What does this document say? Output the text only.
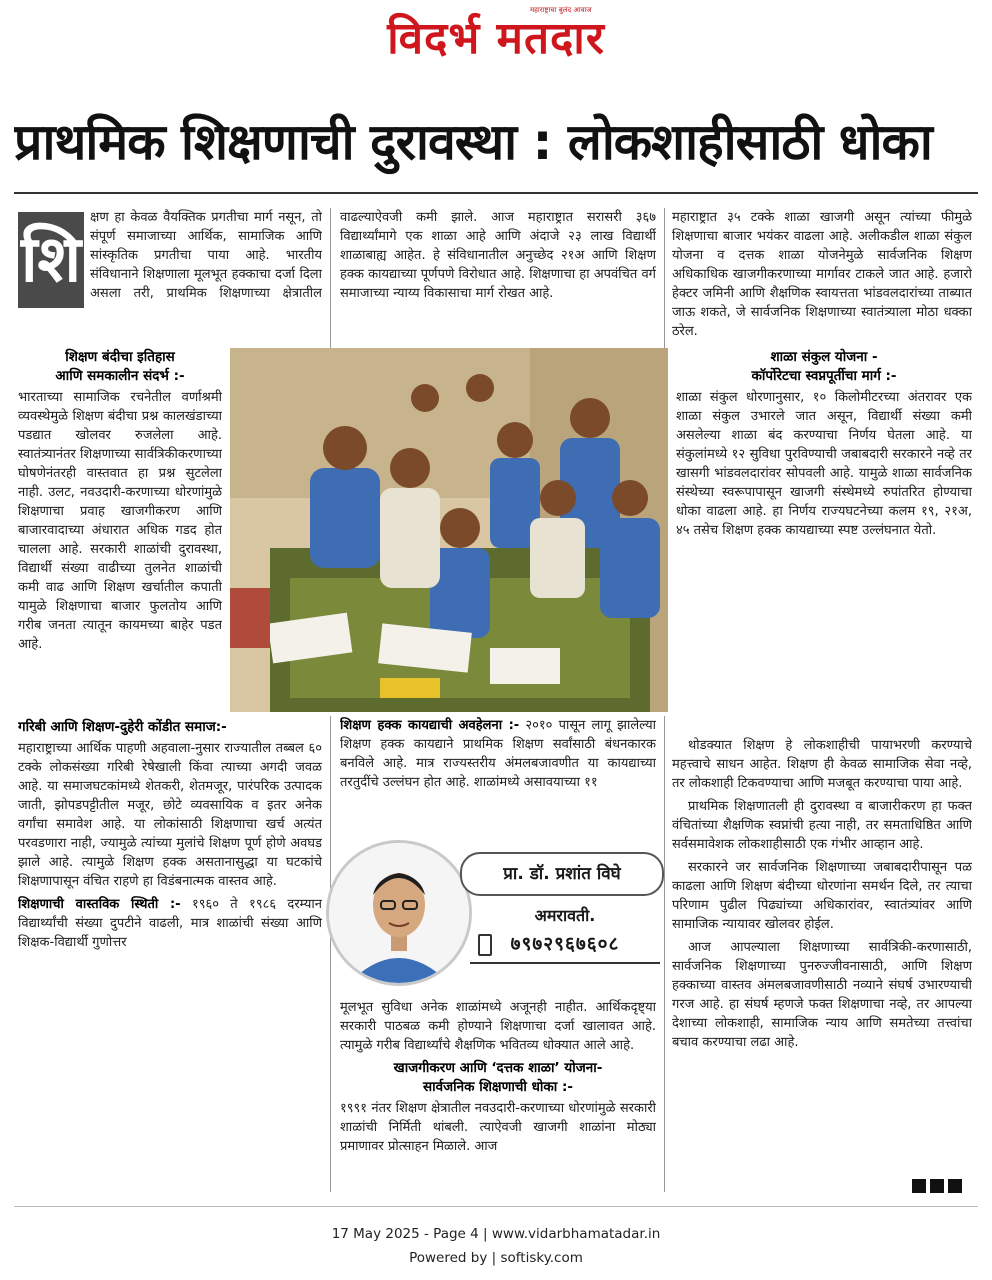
महाराष्ट्राचा बुलंद आवाज
विदर्भ मतदार
प्राथमिक शिक्षणाची दुरावस्था : लोकशाहीसाठी धोका
शि

क्षण हा केवळ वैयक्तिक प्रगतीचा मार्ग नसून, तो संपूर्ण समाजाच्या आर्थिक, सामाजिक आणि सांस्कृतिक प्रगतीचा पाया आहे. भारतीय संविधानाने शिक्षणाला मूलभूत हक्काचा दर्जा दिला असला तरी, प्राथमिक शिक्षणाच्या क्षेत्रातील

शिक्षण बंदीचा इतिहास
आणि समकालीन संदर्भ :-

भारताच्या सामाजिक रचनेतील वर्णाश्रमी व्यवस्थेमुळे शिक्षण बंदीचा प्रश्न कालखंडाच्या पडद्यात खोलवर रुजलेला आहे. स्वातंत्र्यानंतर शिक्षणाच्या सार्वत्रिकीकरणाच्या घोषणेनंतरही वास्तवात हा प्रश्न सुटलेला नाही. उलट, नवउदारी-करणाच्या धोरणांमुळे शिक्षणाचा प्रवाह खाजगीकरण आणि बाजारवादाच्या अंधारात अधिक गडद होत चालला आहे. सरकारी शाळांची दुरावस्था, विद्यार्थी संख्या वाढीच्या तुलनेत शाळांची कमी वाढ आणि शिक्षण खर्चातील कपाती यामुळे शिक्षणाचा बाजार फुलतोय आणि गरीब जनता त्यातून कायमच्या बाहेर पडत आहे.

गरिबी आणि शिक्षण-दुहेरी कोंडीत समाज:-

महाराष्ट्राच्या आर्थिक पाहणी अहवाला-नुसार राज्यातील तब्बल ६० टक्के लोकसंख्या गरिबी रेषेखाली किंवा त्याच्या अगदी जवळ आहे. या समाजघटकांमध्ये शेतकरी, शेतमजूर, पारंपरिक उत्पादक जाती, झोपडपट्टीतील मजूर, छोटे व्यवसायिक व इतर अनेक वर्गांचा समावेश आहे. या लोकांसाठी शिक्षणाचा खर्च अत्यंत परवडणारा नाही, ज्यामुळे त्यांच्या मुलांचे शिक्षण पूर्ण होणे अवघड झाले आहे. त्यामुळे शिक्षण हक्क असतानासुद्धा या घटकांचे शिक्षणापासून वंचित राहणे हा विडंबनात्मक वास्तव आहे.

शिक्षणाची वास्तविक स्थिती :- १९६० ते १९८६ दरम्यान विद्यार्थ्यांची संख्या दुपटीने वाढली, मात्र शाळांची संख्या आणि शिक्षक-विद्यार्थी गुणोत्तर

वाढल्याऐवजी कमी झाले. आज महाराष्ट्रात सरासरी ३६७ विद्यार्थ्यांमागे एक शाळा आहे आणि अंदाजे २३ लाख विद्यार्थी शाळाबाह्य आहेत. हे संविधानातील अनुच्छेद २१अ आणि शिक्षण हक्क कायद्याच्या पूर्णपणे विरोधात आहे. शिक्षणाचा हा अपवंचित वर्ग समाजाच्या न्याय्य विकासाचा मार्ग रोखत आहे.

शिक्षण हक्क कायद्याची अवहेलना :- २०१० पासून लागू झालेल्या शिक्षण हक्क कायद्याने प्राथमिक शिक्षण सर्वांसाठी बंधनकारक बनविले आहे. मात्र राज्यस्तरीय अंमलबजावणीत या कायद्याच्या तरतुदींचे उल्लंघन होत आहे. शाळांमध्ये असावयाच्या ११

प्रा. डॉ. प्रशांत विघे
अमरावती.
७९७२९६७६०८

मूलभूत सुविधा अनेक शाळांमध्ये अजूनही नाहीत. आर्थिकदृष्ट्या सरकारी पाठबळ कमी होण्याने शिक्षणाचा दर्जा खालावत आहे. त्यामुळे गरीब विद्यार्थ्यांचे शैक्षणिक भवितव्य धोक्यात आले आहे.

खाजगीकरण आणि ‘दत्तक शाळा’ योजना-
सार्वजनिक शिक्षणाची धोका :-

१९९१ नंतर शिक्षण क्षेत्रातील नवउदारी-करणाच्या धोरणांमुळे सरकारी शाळांची निर्मिती थांबली. त्याऐवजी खाजगी शाळांना मोठ्या प्रमाणावर प्रोत्साहन मिळाले. आज

महाराष्ट्रात ३५ टक्के शाळा खाजगी असून त्यांच्या फीमुळे शिक्षणाचा बाजार भयंकर वाढला आहे. अलीकडील शाळा संकुल योजना व दत्तक शाळा योजनेमुळे सार्वजनिक शिक्षण अधिकाधिक खाजगीकरणाच्या मार्गावर टाकले जात आहे. हजारो हेक्टर जमिनी आणि शैक्षणिक स्वायत्तता भांडवलदारांच्या ताब्यात जाऊ शकते, जे सार्वजनिक शिक्षणाच्या स्वातंत्र्याला मोठा धक्का ठरेल.

शाळा संकुल योजना -
कॉर्पोरेटचा स्वप्नपूर्तीचा मार्ग :-

शाळा संकुल धोरणानुसार, १० किलोमीटरच्या अंतरावर एक शाळा संकुल उभारले जात असून, विद्यार्थी संख्या कमी असलेल्या शाळा बंद करण्याचा निर्णय घेतला आहे. या संकुलांमध्ये १२ सुविधा पुरविण्याची जबाबदारी सरकारने नव्हे तर खासगी भांडवलदारांवर सोपवली आहे. यामुळे शाळा सार्वजनिक संस्थेच्या स्वरूपापासून खाजगी संस्थेमध्ये रुपांतरित होण्याचा धोका वाढला आहे. हा निर्णय राज्यघटनेच्या कलम १९, २१अ, ४५ तसेच शिक्षण हक्क कायद्याच्या स्पष्ट उल्लंघनात येतो.

थोडक्यात शिक्षण हे लोकशाहीची पायाभरणी करण्याचे महत्त्वाचे साधन आहेत. शिक्षण ही केवळ सामाजिक सेवा नव्हे, तर लोकशाही टिकवण्याचा आणि मजबूत करण्याचा पाया आहे.

प्राथमिक शिक्षणातली ही दुरावस्था व बाजारीकरण हा फक्त वंचितांच्या शैक्षणिक स्वप्नांची हत्या नाही, तर समताधिष्ठित आणि सर्वसमावेशक लोकशाहीसाठी एक गंभीर आव्हान आहे.

सरकारने जर सार्वजनिक शिक्षणाच्या जबाबदारीपासून पळ काढला आणि शिक्षण बंदीच्या धोरणांना समर्थन दिले, तर त्याचा परिणाम पुढील पिढ्यांच्या अधिकारांवर, स्वातंत्र्यांवर आणि सामाजिक न्यायावर खोलवर होईल.

आज आपल्याला शिक्षणाच्या सार्वत्रिकी-करणासाठी, सार्वजनिक शिक्षणाच्या पुनरुज्जीवनासाठी, आणि शिक्षण हक्काच्या वास्तव अंमलबजावणीसाठी नव्याने संघर्ष उभारण्याची गरज आहे. हा संघर्ष म्हणजे फक्त शिक्षणाचा नव्हे, तर आपल्या देशाच्या लोकशाही, सामाजिक न्याय आणि समतेच्या तत्त्वांचा बचाव करण्याचा लढा आहे.

17 May 2025 - Page 4 | www.vidarbhamatadar.in
Powered by | softisky.com
